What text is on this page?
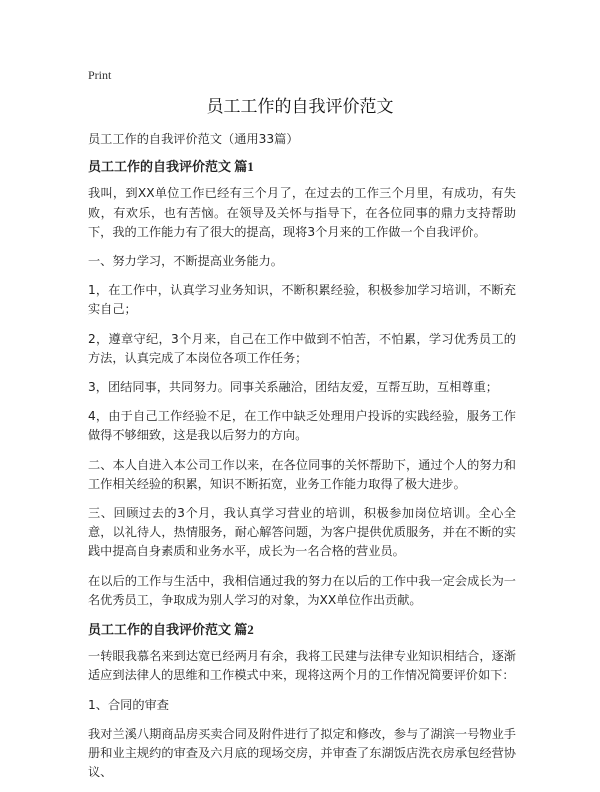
Print
员工工作的自我评价范文

员工工作的自我评价范文（通用33篇）

员工工作的自我评价范文 篇1

我叫，到XX单位工作已经有三个月了，在过去的工作三个月里，有成功，有失败，有欢乐，也有苦恼。在领导及关怀与指导下，在各位同事的鼎力支持帮助下，我的工作能力有了很大的提高，现将3个月来的工作做一个自我评价。

一、努力学习，不断提高业务能力。

1，在工作中，认真学习业务知识，不断积累经验，积极参加学习培训，不断充实自己；

2，遵章守纪，3个月来，自己在工作中做到不怕苦，不怕累，学习优秀员工的方法，认真完成了本岗位各项工作任务；

3，团结同事，共同努力。同事关系融洽，团结友爱，互帮互助，互相尊重；

4，由于自己工作经验不足，在工作中缺乏处理用户投诉的实践经验，服务工作做得不够细致，这是我以后努力的方向。

二、本人自进入本公司工作以来，在各位同事的关怀帮助下，通过个人的努力和工作相关经验的积累，知识不断拓宽，业务工作能力取得了极大进步。

三、回顾过去的3个月，我认真学习营业的培训，积极参加岗位培训。全心全意，以礼待人，热情服务，耐心解答问题，为客户提供优质服务，并在不断的实践中提高自身素质和业务水平，成长为一名合格的营业员。

在以后的工作与生活中，我相信通过我的努力在以后的工作中我一定会成长为一名优秀员工，争取成为别人学习的对象，为XX单位作出贡献。

员工工作的自我评价范文 篇2

一转眼我慕名来到达宽已经两月有余，我将工民建与法律专业知识相结合，逐渐适应到法律人的思维和工作模式中来，现将这两个月的工作情况简要评价如下：

1、合同的审查

我对兰溪八期商品房买卖合同及附件进行了拟定和修改，参与了湖滨一号物业手册和业主规约的审查及六月底的现场交房，并审查了东湖饭店洗衣房承包经营协议、
